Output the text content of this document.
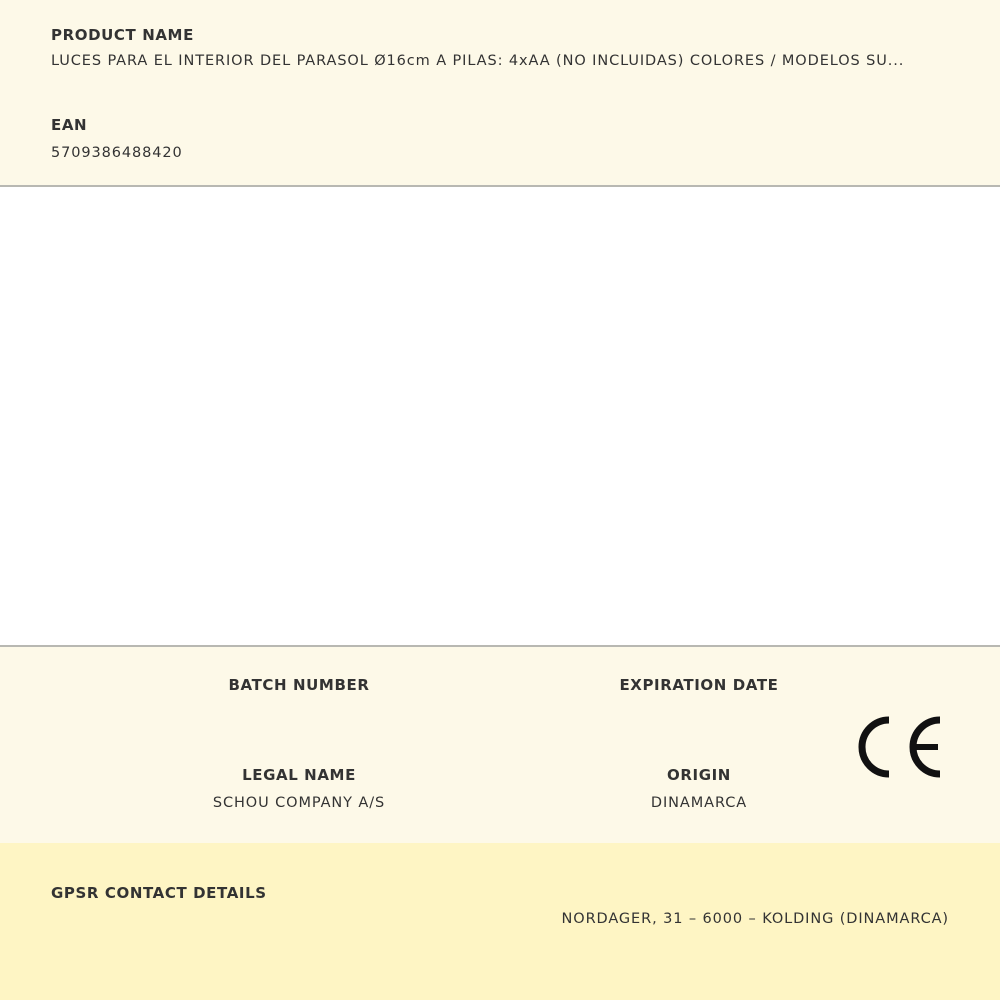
PRODUCT NAME
LUCES PARA EL INTERIOR DEL PARASOL Ø16cm A PILAS: 4xAA (NO INCLUIDAS) COLORES / MODELOS SU...
EAN
5709386488420
BATCH NUMBER	EXPIRATION DATE
LEGAL NAME
SCHOU COMPANY A/S
ORIGIN
DINAMARCA
GPSR CONTACT DETAILS
NORDAGER, 31 – 6000 – KOLDING (DINAMARCA)
